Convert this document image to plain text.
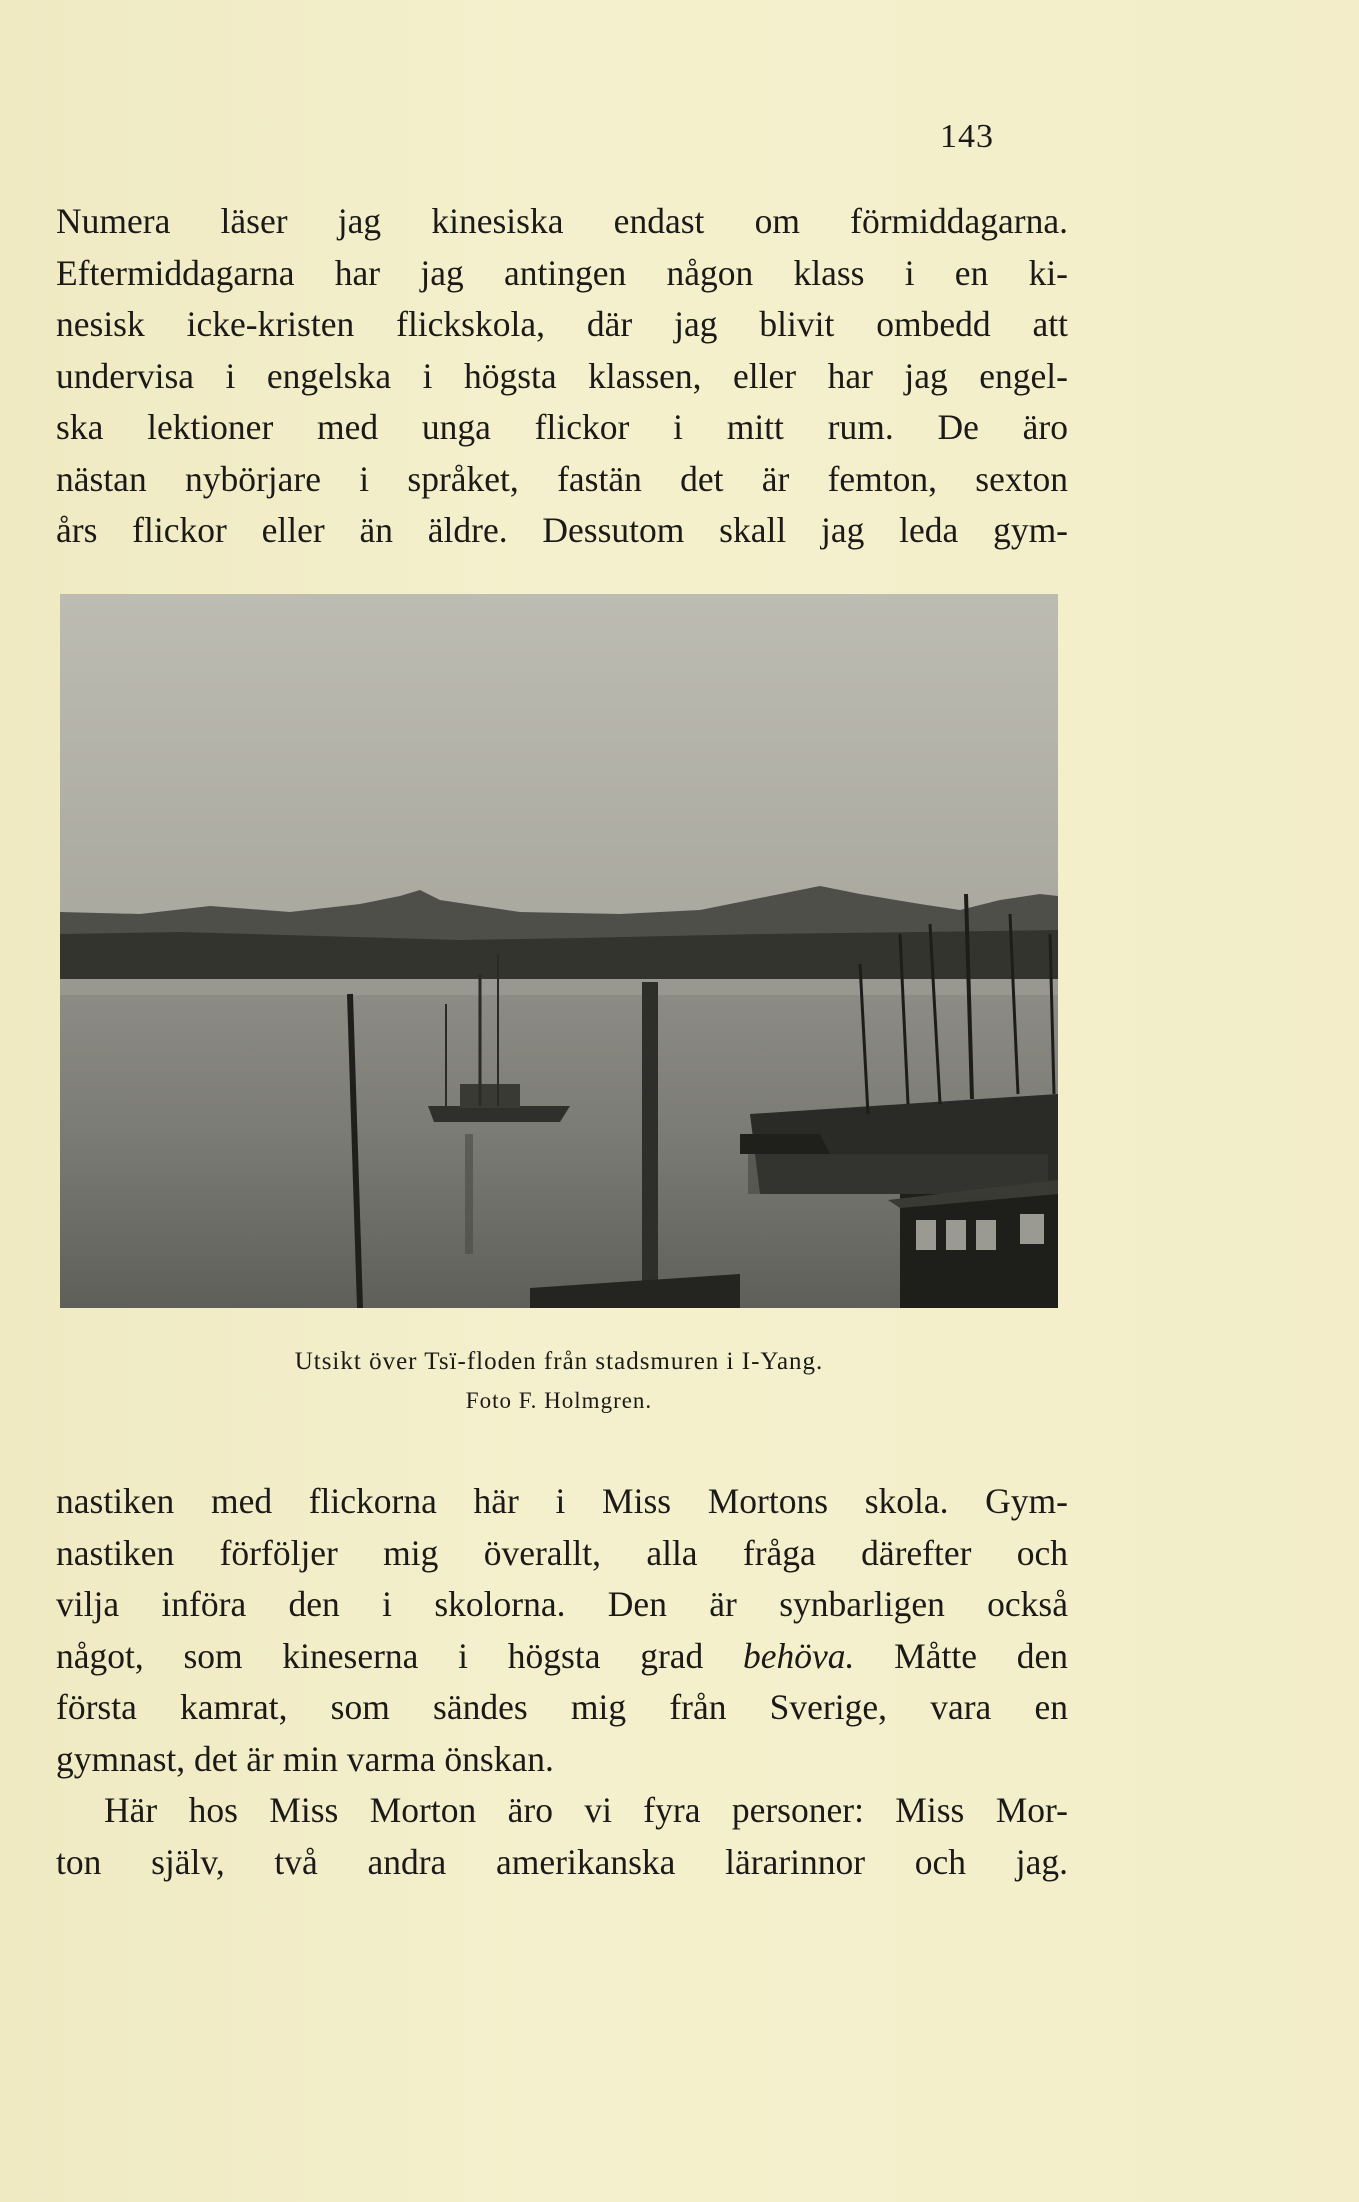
143
Numera läser jag kinesiska endast om förmiddagarna.
Eftermiddagarna har jag antingen någon klass i en ki-
nesisk icke-kristen flickskola, där jag blivit ombedd att
undervisa i engelska i högsta klassen, eller har jag engel-
ska lektioner med unga flickor i mitt rum. De äro
nästan nybörjare i språket, fastän det är femton, sexton
års flickor eller än äldre. Dessutom skall jag leda gym-
Utsikt över Tsï-floden från stadsmuren i I-Yang.
Foto F. Holmgren.
nastiken med flickorna här i Miss Mortons skola. Gym-
nastiken förföljer mig överallt, alla fråga därefter och
vilja införa den i skolorna. Den är synbarligen också
något, som kineserna i högsta grad behöva. Måtte den
första kamrat, som sändes mig från Sverige, vara en
gymnast, det är min varma önskan.
Här hos Miss Morton äro vi fyra personer: Miss Mor-
ton själv, två andra amerikanska lärarinnor och jag.
